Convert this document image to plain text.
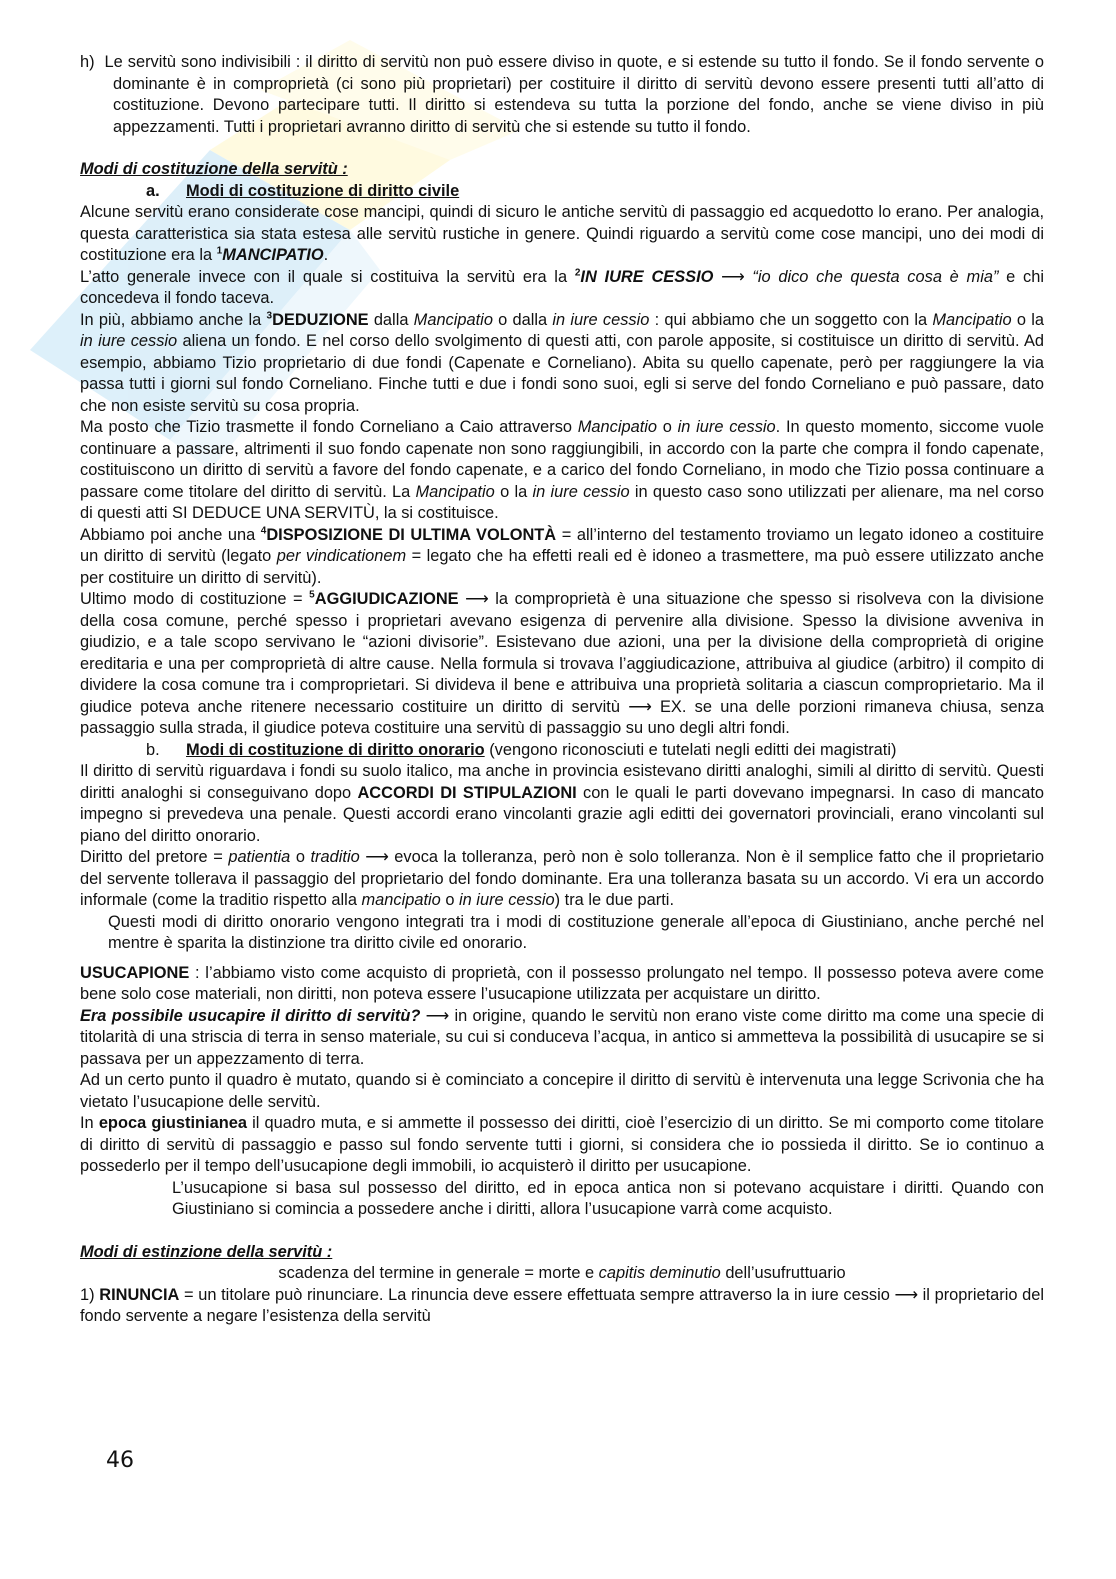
h) Le servitù sono indivisibili : il diritto di servitù non può essere diviso in quote, e si estende su tutto il fondo. Se il fondo servente o dominante è in comproprietà (ci sono più proprietari) per costituire il diritto di servitù devono essere presenti tutti all’atto di costituzione. Devono partecipare tutti. Il diritto si estendeva su tutta la porzione del fondo, anche se viene diviso in più appezzamenti. Tutti i proprietari avranno diritto di servitù che si estende su tutto il fondo.

Modi di costituzione della servitù :

a. Modi di costituzione di diritto civile

Alcune servitù erano considerate cose mancipi, quindi di sicuro le antiche servitù di passaggio ed acquedotto lo erano. Per analogia, questa caratteristica sia stata estesa alle servitù rustiche in genere. Quindi riguardo a servitù come cose mancipi, uno dei modi di costituzione era la $^1$MANCIPATIO.

L’atto generale invece con il quale si costituiva la servitù era la $^2$IN IURE CESSIO ⟶ “io dico che questa cosa è mia” e chi concedeva il fondo taceva.

In più, abbiamo anche la $^3$DEDUZIONE dalla Mancipatio o dalla in iure cessio : qui abbiamo che un soggetto con la Mancipatio o la in iure cessio aliena un fondo. E nel corso dello svolgimento di questi atti, con parole apposite, si costituisce un diritto di servitù. Ad esempio, abbiamo Tizio proprietario di due fondi (Capenate e Corneliano). Abita su quello capenate, però per raggiungere la via passa tutti i giorni sul fondo Corneliano. Finche tutti e due i fondi sono suoi, egli si serve del fondo Corneliano e può passare, dato che non esiste servitù su cosa propria.

Ma posto che Tizio trasmette il fondo Corneliano a Caio attraverso Mancipatio o in iure cessio. In questo momento, siccome vuole continuare a passare, altrimenti il suo fondo capenate non sono raggiungibili, in accordo con la parte che compra il fondo capenate, costituiscono un diritto di servitù a favore del fondo capenate, e a carico del fondo Corneliano, in modo che Tizio possa continuare a passare come titolare del diritto di servitù. La Mancipatio o la in iure cessio in questo caso sono utilizzati per alienare, ma nel corso di questi atti SI DEDUCE UNA SERVITÙ, la si costituisce.

Abbiamo poi anche una $^4$DISPOSIZIONE DI ULTIMA VOLONTÀ = all’interno del testamento troviamo un legato idoneo a costituire un diritto di servitù (legato per vindicationem = legato che ha effetti reali ed è idoneo a trasmettere, ma può essere utilizzato anche per costituire un diritto di servitù).

Ultimo modo di costituzione = $^5$AGGIUDICAZIONE ⟶ la comproprietà è una situazione che spesso si risolveva con la divisione della cosa comune, perché spesso i proprietari avevano esigenza di pervenire alla divisione. Spesso la divisione avveniva in giudizio, e a tale scopo servivano le “azioni divisorie”. Esistevano due azioni, una per la divisione della comproprietà di origine ereditaria e una per comproprietà di altre cause. Nella formula si trovava l’aggiudicazione, attribuiva al giudice (arbitro) il compito di dividere la cosa comune tra i comproprietari. Si divideva il bene e attribuiva una proprietà solitaria a ciascun comproprietario. Ma il giudice poteva anche ritenere necessario costituire un diritto di servitù ⟶ EX. se una delle porzioni rimaneva chiusa, senza passaggio sulla strada, il giudice poteva costituire una servitù di passaggio su uno degli altri fondi.

b. Modi di costituzione di diritto onorario (vengono riconosciuti e tutelati negli editti dei magistrati)

Il diritto di servitù riguardava i fondi su suolo italico, ma anche in provincia esistevano diritti analoghi, simili al diritto di servitù. Questi diritti analoghi si conseguivano dopo ACCORDI DI STIPULAZIONI con le quali le parti dovevano impegnarsi. In caso di mancato impegno si prevedeva una penale. Questi accordi erano vincolanti grazie agli editti dei governatori provinciali, erano vincolanti sul piano del diritto onorario.

Diritto del pretore = patientia o traditio ⟶ evoca la tolleranza, però non è solo tolleranza. Non è il semplice fatto che il proprietario del servente tollerava il passaggio del proprietario del fondo dominante. Era una tolleranza basata su un accordo. Vi era un accordo informale (come la traditio rispetto alla mancipatio o in iure cessio) tra le due parti.

Questi modi di diritto onorario vengono integrati tra i modi di costituzione generale all’epoca di Giustiniano, anche perché nel mentre è sparita la distinzione tra diritto civile ed onorario.

USUCAPIONE : l’abbiamo visto come acquisto di proprietà, con il possesso prolungato nel tempo. Il possesso poteva avere come bene solo cose materiali, non diritti, non poteva essere l’usucapione utilizzata per acquistare un diritto.

Era possibile usucapire il diritto di servitù? ⟶ in origine, quando le servitù non erano viste come diritto ma come una specie di titolarità di una striscia di terra in senso materiale, su cui si conduceva l’acqua, in antico si ammetteva la possibilità di usucapire se si passava per un appezzamento di terra.

Ad un certo punto il quadro è mutato, quando si è cominciato a concepire il diritto di servitù è intervenuta una legge Scrivonia che ha vietato l’usucapione delle servitù.

In epoca giustinianea il quadro muta, e si ammette il possesso dei diritti, cioè l’esercizio di un diritto. Se mi comporto come titolare di diritto di servitù di passaggio e passo sul fondo servente tutti i giorni, si considera che io possieda il diritto. Se io continuo a possederlo per il tempo dell’usucapione degli immobili, io acquisterò il diritto per usucapione.

L’usucapione si basa sul possesso del diritto, ed in epoca antica non si potevano acquistare i diritti. Quando con Giustiniano si comincia a possedere anche i diritti, allora l’usucapione varrà come acquisto.

Modi di estinzione della servitù :

scadenza del termine in generale = morte e capitis deminutio dell’usufruttuario

1) RINUNCIA = un titolare può rinunciare. La rinuncia deve essere effettuata sempre attraverso la in iure cessio ⟶ il proprietario del fondo servente a negare l’esistenza della servitù

46
